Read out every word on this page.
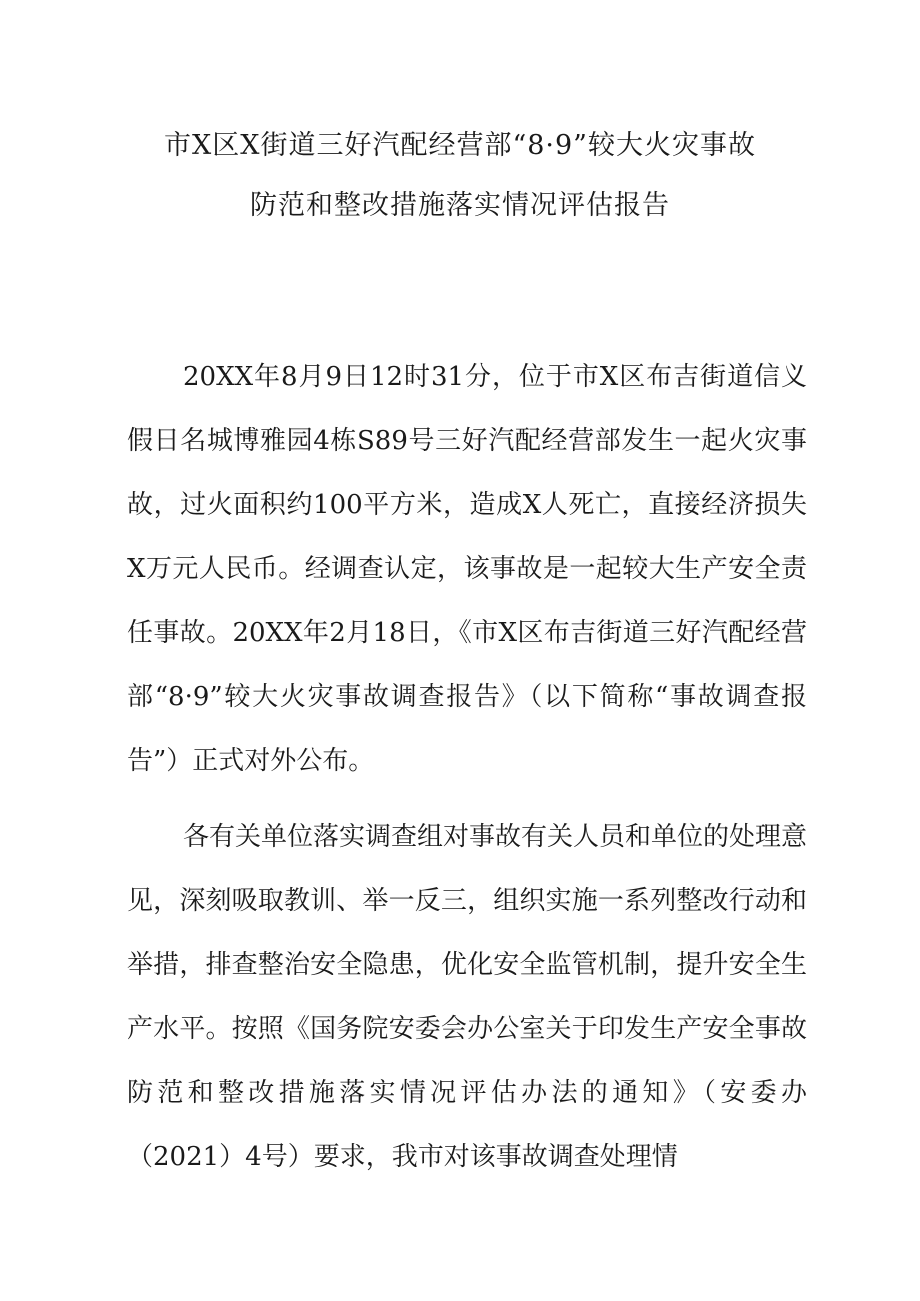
市X区X街道三好汽配经营部“8·9”较大火灾事故
防范和整改措施落实情况评估报告

20XX年8月9日12时31分，位于市X区布吉街道信义假日名城博雅园4栋S89号三好汽配经营部发生一起火灾事故，过火面积约100平方米，造成X人死亡，直接经济损失X万元人民币。经调查认定，该事故是一起较大生产安全责任事故。20XX年2月18日，《市X区布吉街道三好汽配经营部“8·9”较大火灾事故调查报告》（以下简称“事故调查报告”）正式对外公布。

各有关单位落实调查组对事故有关人员和单位的处理意见，深刻吸取教训、举一反三，组织实施一系列整改行动和举措，排查整治安全隐患，优化安全监管机制，提升安全生产水平。按照《国务院安委会办公室关于印发生产安全事故防范和整改措施落实情况评估办法的通知》（安委办（2021）4号）要求，我市对该事故调查处理情
